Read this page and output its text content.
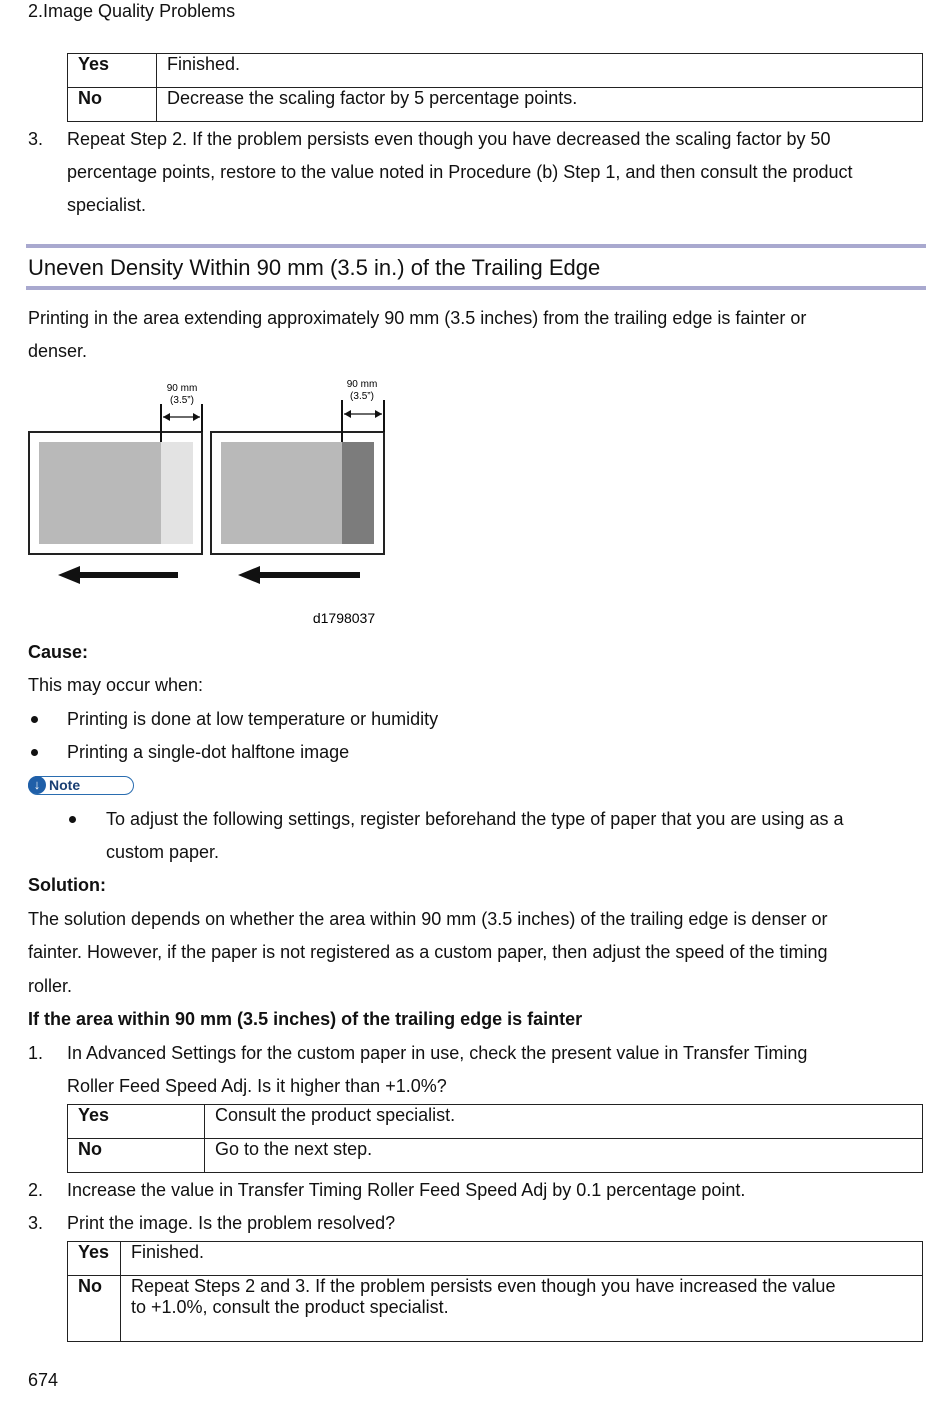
2.Image Quality Problems
Yes	Finished.
No	Decrease the scaling factor by 5 percentage points.
3. Repeat Step 2. If the problem persists even though you have decreased the scaling factor by 50
percentage points, restore to the value noted in Procedure (b) Step 1, and then consult the product
specialist.
Uneven Density Within 90 mm (3.5 in.) of the Trailing Edge
Printing in the area extending approximately 90 mm (3.5 inches) from the trailing edge is fainter or
denser.
90 mm
(3.5”)
90 mm
(3.5”)
d1798037
Cause:
This may occur when:
Printing is done at low temperature or humidity
Printing a single-dot halftone image
↓ Note
To adjust the following settings, register beforehand the type of paper that you are using as a
custom paper.
Solution:
The solution depends on whether the area within 90 mm (3.5 inches) of the trailing edge is denser or
fainter. However, if the paper is not registered as a custom paper, then adjust the speed of the timing
roller.
If the area within 90 mm (3.5 inches) of the trailing edge is fainter
1. In Advanced Settings for the custom paper in use, check the present value in Transfer Timing
Roller Feed Speed Adj. Is it higher than +1.0%?
Yes	Consult the product specialist.
No	Go to the next step.
2. Increase the value in Transfer Timing Roller Feed Speed Adj by 0.1 percentage point.
3. Print the image. Is the problem resolved?
Yes	Finished.
No	Repeat Steps 2 and 3. If the problem persists even though you have increased the value
to +1.0%, consult the product specialist.
674
